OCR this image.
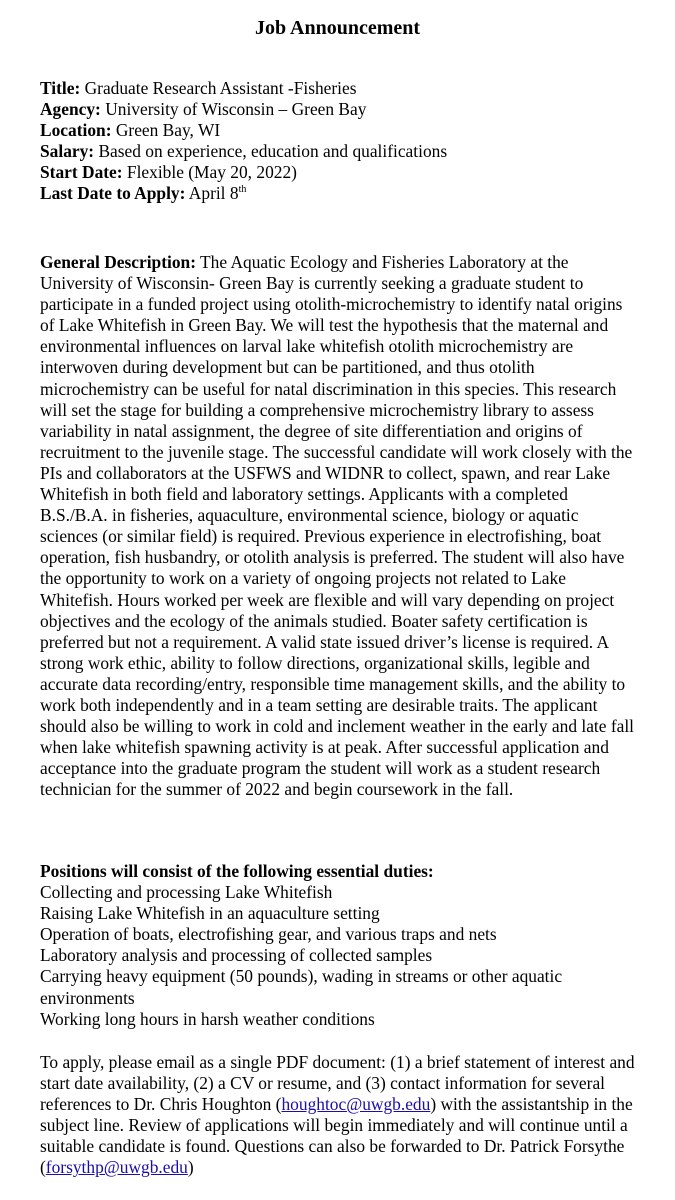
Job Announcement
Title: Graduate Research Assistant -Fisheries
Agency: University of Wisconsin – Green Bay
Location: Green Bay, WI
Salary: Based on experience, education and qualifications
Start Date: Flexible (May 20, 2022)
Last Date to Apply: April 8th

General Description: The Aquatic Ecology and Fisheries Laboratory at the University of Wisconsin- Green Bay is currently seeking a graduate student to participate in a funded project using otolith-microchemistry to identify natal origins of Lake Whitefish in Green Bay. We will test the hypothesis that the maternal and environmental influences on larval lake whitefish otolith microchemistry are interwoven during development but can be partitioned, and thus otolith microchemistry can be useful for natal discrimination in this species. This research will set the stage for building a comprehensive microchemistry library to assess variability in natal assignment, the degree of site differentiation and origins of recruitment to the juvenile stage. The successful candidate will work closely with the PIs and collaborators at the USFWS and WIDNR to collect, spawn, and rear Lake Whitefish in both field and laboratory settings. Applicants with a completed B.S./B.A. in fisheries, aquaculture, environmental science, biology or aquatic sciences (or similar field) is required. Previous experience in electrofishing, boat operation, fish husbandry, or otolith analysis is preferred. The student will also have the opportunity to work on a variety of ongoing projects not related to Lake Whitefish. Hours worked per week are flexible and will vary depending on project objectives and the ecology of the animals studied. Boater safety certification is preferred but not a requirement. A valid state issued driver’s license is required. A strong work ethic, ability to follow directions, organizational skills, legible and accurate data recording/entry, responsible time management skills, and the ability to work both independently and in a team setting are desirable traits. The applicant should also be willing to work in cold and inclement weather in the early and late fall when lake whitefish spawning activity is at peak. After successful application and acceptance into the graduate program the student will work as a student research technician for the summer of 2022 and begin coursework in the fall.

Positions will consist of the following essential duties:
Collecting and processing Lake Whitefish
Raising Lake Whitefish in an aquaculture setting
Operation of boats, electrofishing gear, and various traps and nets
Laboratory analysis and processing of collected samples
Carrying heavy equipment (50 pounds), wading in streams or other aquatic environments
Working long hours in harsh weather conditions

To apply, please email as a single PDF document: (1) a brief statement of interest and start date availability, (2) a CV or resume, and (3) contact information for several references to Dr. Chris Houghton (houghtoc@uwgb.edu) with the assistantship in the subject line. Review of applications will begin immediately and will continue until a suitable candidate is found. Questions can also be forwarded to Dr. Patrick Forsythe (forsythp@uwgb.edu)
